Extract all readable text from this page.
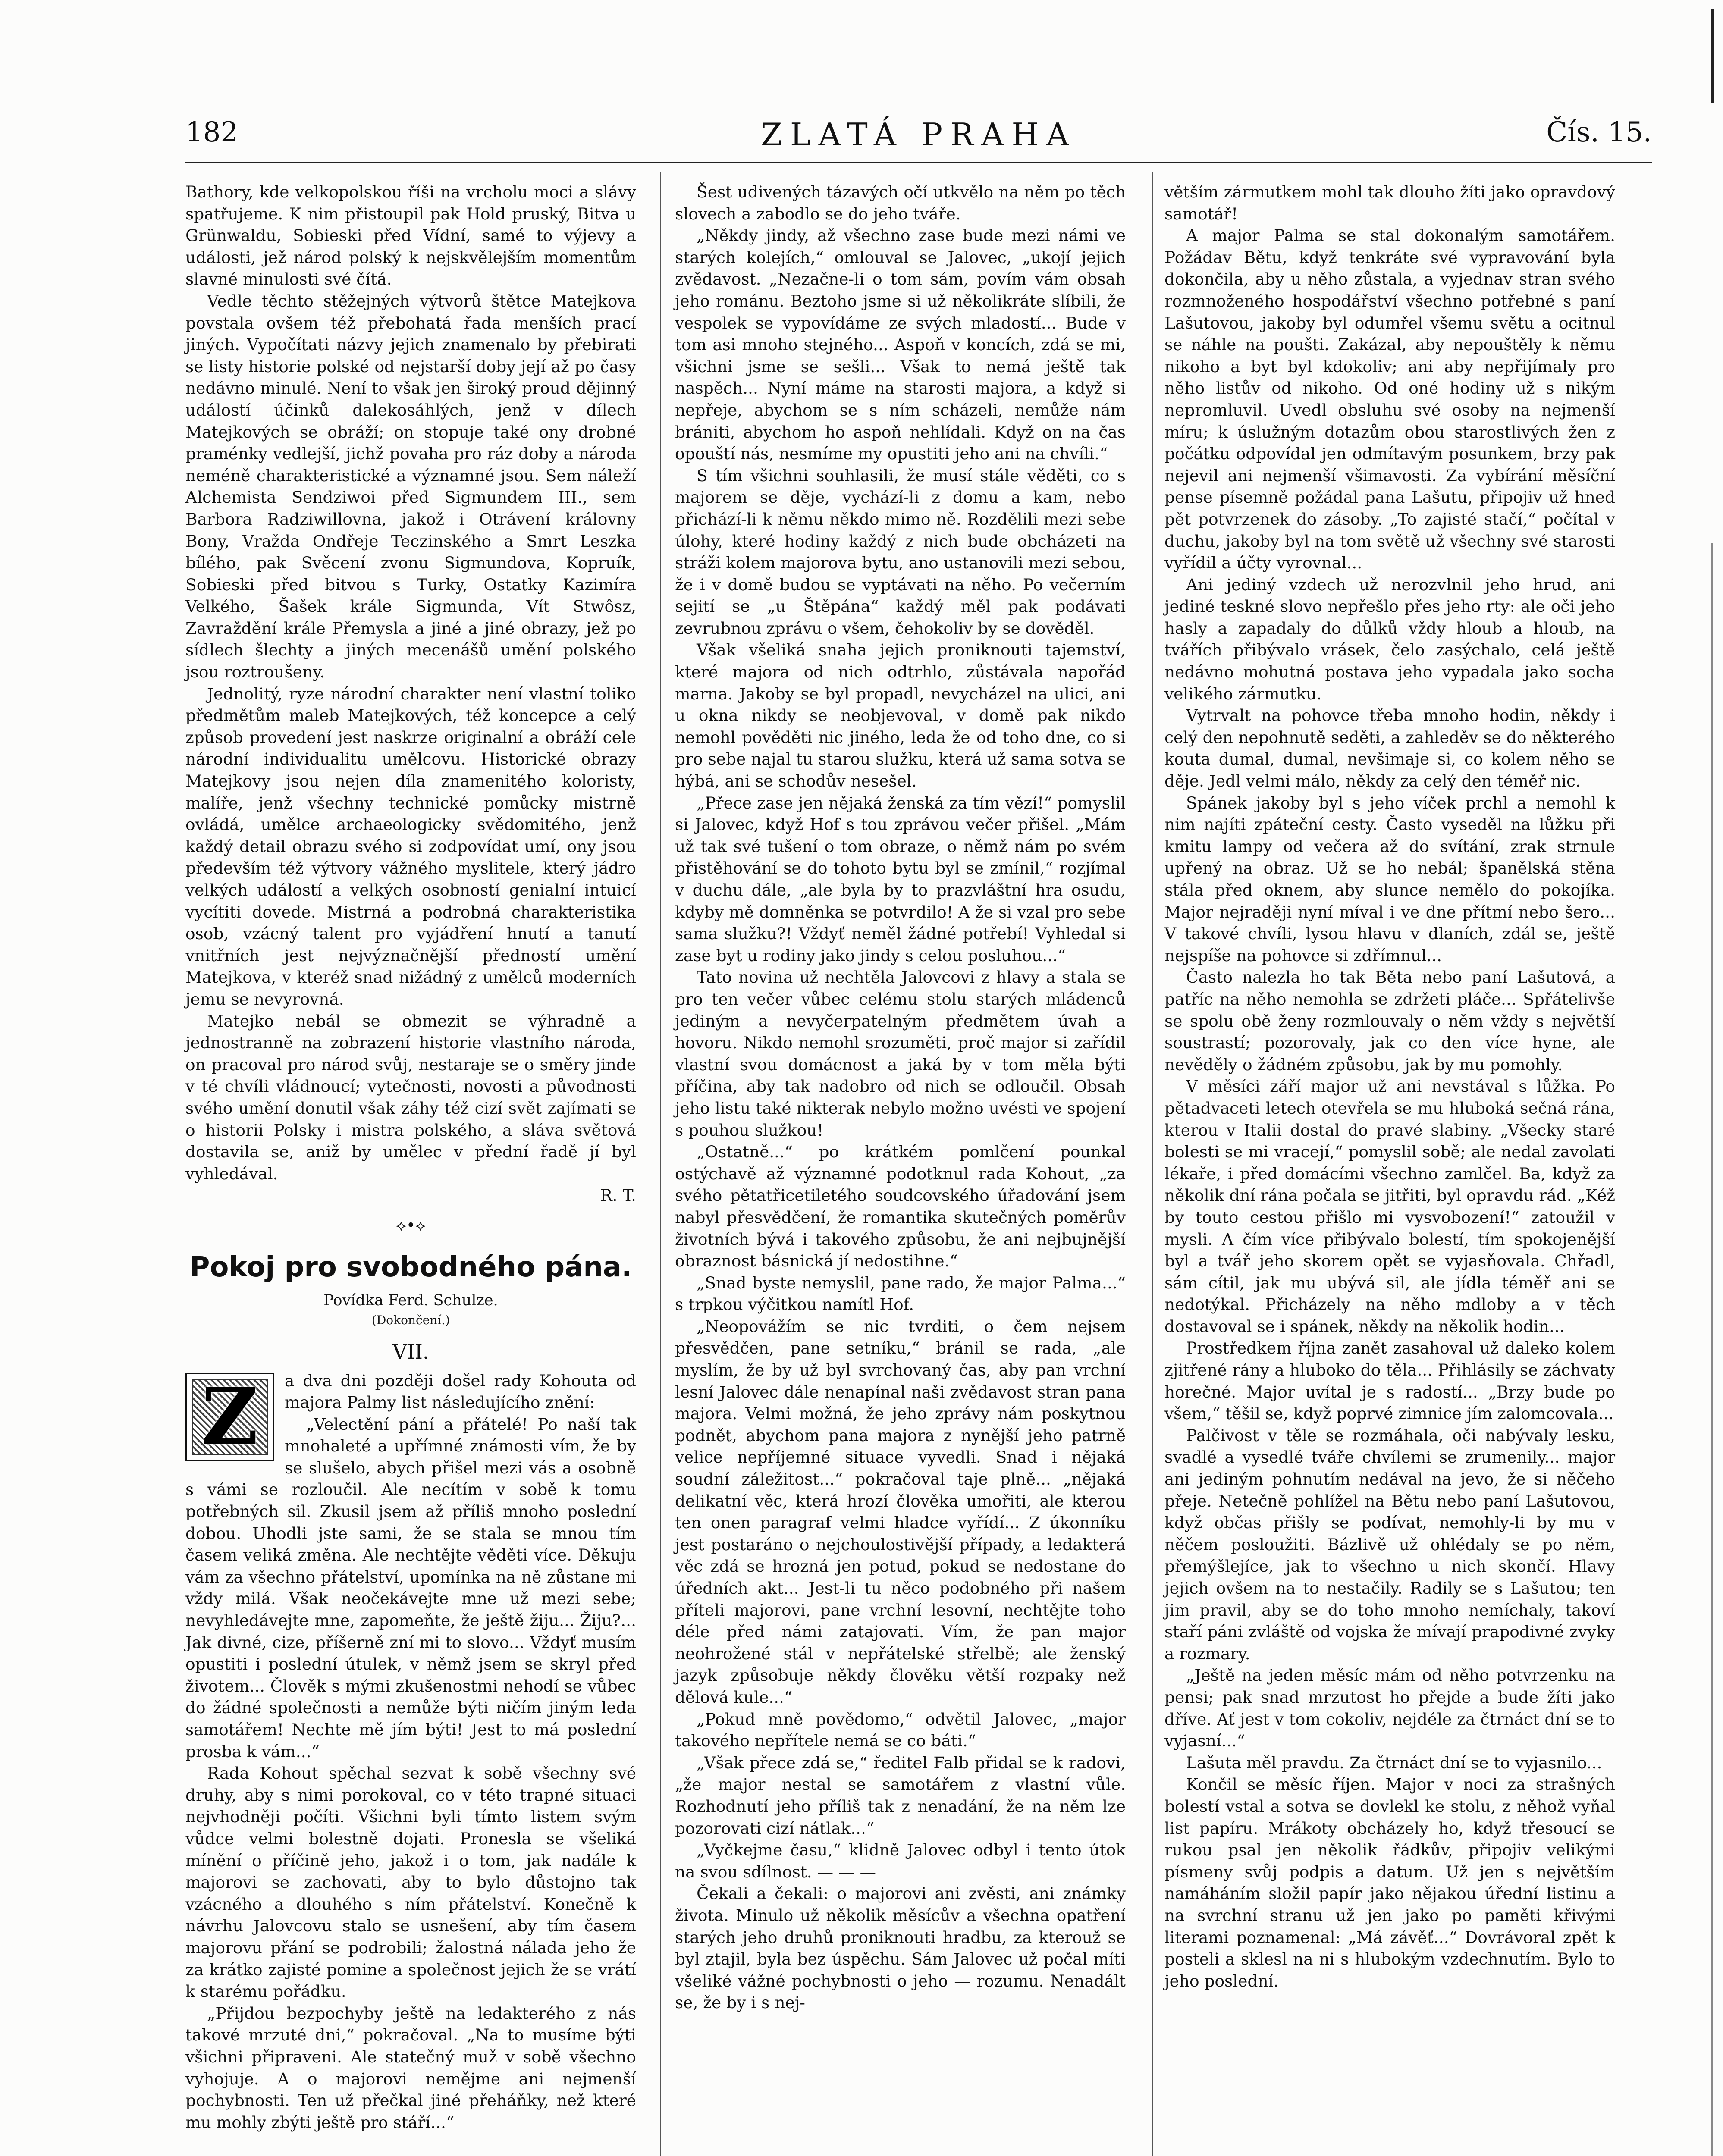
182	ZLATÁ PRAHA	Čís. 15.

Bathory, kde velkopolskou říši na vrcholu moci a slávy spatřujeme. K nim přistoupil pak Hold pruský, Bitva u Grünwaldu, Sobieski před Vídní, samé to výjevy a události, jež národ polský k nejskvělejším momentům slavné minulosti své čítá.

Vedle těchto stěžejných výtvorů štětce Matejkova povstala ovšem též přebohatá řada menších prací jiných. Vypočítati názvy jejich znamenalo by přebirati se listy historie polské od nejstarší doby její až po časy nedávno minulé. Není to však jen široký proud dějinný událostí účinků dalekosáhlých, jenž v dílech Matejkových se obráží; on stopuje také ony drobné praménky vedlejší, jichž povaha pro ráz doby a národa neméně charakteristické a významné jsou. Sem náleží Alchemista Sendziwoi před Sigmundem III., sem Barbora Radziwillovna, jakož i Otrávení královny Bony, Vražda Ondřeje Teczinského a Smrt Leszka bílého, pak Svěcení zvonu Sigmundova, Kopruík, Sobieski před bitvou s Turky, Ostatky Kazimíra Velkého, Šašek krále Sigmunda, Vít Stwôsz, Zavraždění krále Přemysla a jiné a jiné obrazy, jež po sídlech šlechty a jiných mecenášů umění polského jsou roztroušeny.

Jednolitý, ryze národní charakter není vlastní toliko předmětům maleb Matejkových, též koncepce a celý způsob provedení jest naskrze originalní a obráží cele národní individualitu umělcovu. Historické obrazy Matejkovy jsou nejen díla znamenitého koloristy, malíře, jenž všechny technické pomůcky mistrně ovládá, umělce archaeologicky svědomitého, jenž každý detail obrazu svého si zodpovídat umí, ony jsou především též výtvory vážného myslitele, který jádro velkých událostí a velkých osobností genialní intuicí vycítiti dovede. Mistrná a podrobná charakteristika osob, vzácný talent pro vyjádření hnutí a tanutí vnitřních jest nejvýznačnější předností umění Matejkova, v kteréž snad nižádný z umělců moderních jemu se nevyrovná.

Matejko nebál se obmezit se výhradně a jednostranně na zobrazení historie vlastního národa, on pracoval pro národ svůj, nestaraje se o směry jinde v té chvíli vládnoucí; vytečnosti, novosti a původnosti svého umění donutil však záhy též cizí svět zajímati se o historii Polsky i mistra polského, a sláva světová dostavila se, aniž by umělec v přední řadě jí byl vyhledával.

R. T.
⟡•⟡
Pokoj pro svobodného pána.
Povídka Ferd. Schulze.
(Dokončení.)
VII.
Z	a dva dni později došel rady Kohouta od majora Palmy list následujícího znění:

„Velectění pání a přátelé! Po naší tak mnohaleté a upřímné známosti vím, že by se slušelo, abych přišel mezi vás a osobně s vámi se rozloučil. Ale necítím v sobě k tomu potřebných sil. Zkusil jsem až příliš mnoho poslední dobou. Uhodli jste sami, že se stala se mnou tím časem veliká změna. Ale nechtějte věděti více. Děkuju vám za všechno přátelství, upomínka na ně zůstane mi vždy milá. Však neočekávejte mne už mezi sebe; nevyhledávejte mne, zapomeňte, že ještě žiju... Žiju?... Jak divné, cize, příšerně zní mi to slovo... Vždyť musím opustiti i poslední útulek, v němž jsem se skryl před životem... Člověk s mými zkušenostmi nehodí se vůbec do žádné společnosti a nemůže býti ničím jiným leda samotářem! Nechte mě jím býti! Jest to má poslední prosba k vám...“

Rada Kohout spěchal sezvat k sobě všechny své druhy, aby s nimi porokoval, co v této trapné situaci nejvhodněji počíti. Všichni byli tímto listem svým vůdce velmi bolestně dojati. Pronesla se všeliká mínění o příčině jeho, jakož i o tom, jak nadále k majorovi se zachovati, aby to bylo důstojno tak vzácného a dlouhého s ním přátelství. Konečně k návrhu Jalovcovu stalo se usnešení, aby tím časem majorovu přání se podrobili; žalostná nálada jeho že za krátko zajisté pomine a společnost jejich že se vrátí k starému pořádku.

„Přijdou bezpochyby ještě na ledakterého z nás takové mrzuté dni,“ pokračoval. „Na to musíme býti všichni připraveni. Ale statečný muž v sobě všechno vyhojuje. A o majorovi nemějme ani nejmenší pochybnosti. Ten už přečkal jiné přeháňky, než které mu mohly zbýti ještě pro stáří...“

Šest udivených tázavých očí utkvělo na něm po těch slovech a zabodlo se do jeho tváře.

„Někdy jindy, až všechno zase bude mezi námi ve starých kolejích,“ omlouval se Jalovec, „ukojí jejich zvědavost. „Nezačne-li o tom sám, povím vám obsah jeho románu. Beztoho jsme si už několikráte slíbili, že vespolek se vypovídáme ze svých mladostí... Bude v tom asi mnoho stejného... Aspoň v koncích, zdá se mi, všichni jsme se sešli... Však to nemá ještě tak naspěch... Nyní máme na starosti majora, a když si nepřeje, abychom se s ním scházeli, nemůže nám brániti, abychom ho aspoň nehlídali. Když on na čas opouští nás, nesmíme my opustiti jeho ani na chvíli.“

S tím všichni souhlasili, že musí stále věděti, co s majorem se děje, vychází-li z domu a kam, nebo přichází-li k němu někdo mimo ně. Rozdělili mezi sebe úlohy, které hodiny každý z nich bude obcházeti na stráži kolem majorova bytu, ano ustanovili mezi sebou, že i v domě budou se vyptávati na něho. Po večerním sejití se „u Štěpána“ každý měl pak podávati zevrubnou zprávu o všem, čehokoliv by se dověděl.

Však všeliká snaha jejich proniknouti tajemství, které majora od nich odtrhlo, zůstávala napořád marna. Jakoby se byl propadl, nevycházel na ulici, ani u okna nikdy se neobjevoval, v domě pak nikdo nemohl pověděti nic jiného, leda že od toho dne, co si pro sebe najal tu starou služku, která už sama sotva se hýbá, ani se schodův nesešel.

„Přece zase jen nějaká ženská za tím vězí!“ pomyslil si Jalovec, když Hof s tou zprávou večer přišel. „Mám už tak své tušení o tom obraze, o němž nám po svém přistěhování se do tohoto bytu byl se zmínil,“ rozjímal v duchu dále, „ale byla by to prazvláštní hra osudu, kdyby mě domněnka se potvrdilo! A že si vzal pro sebe sama služku?! Vždyť neměl žádné potřebí! Vyhledal si zase byt u rodiny jako jindy s celou posluhou...“

Tato novina už nechtěla Jalovcovi z hlavy a stala se pro ten večer vůbec celému stolu starých mládenců jediným a nevyčerpatelným předmětem úvah a hovoru. Nikdo nemohl srozuměti, proč major si zařídil vlastní svou domácnost a jaká by v tom měla býti příčina, aby tak nadobro od nich se odloučil. Obsah jeho listu také nikterak nebylo možno uvésti ve spojení s pouhou služkou!

„Ostatně...“ po krátkém pomlčení pounkal ostýchavě až významné podotknul rada Kohout, „za svého pětatřicetiletého soudcovského úřadování jsem nabyl přesvědčení, že romantika skutečných poměrův životních bývá i takového způsobu, že ani nejbujnější obraznost básnická jí nedostihne.“

„Snad byste nemyslil, pane rado, že major Palma...“ s trpkou výčitkou namítl Hof.

„Neopovážím se nic tvrditi, o čem nejsem přesvědčen, pane setníku,“ bránil se rada, „ale myslím, že by už byl svrchovaný čas, aby pan vrchní lesní Jalovec dále nenapínal naši zvědavost stran pana majora. Velmi možná, že jeho zprávy nám poskytnou podnět, abychom pana majora z nynější jeho patrně velice nepříjemné situace vyvedli. Snad i nějaká soudní záležitost...“ pokračoval taje plně... „nějaká delikatní věc, která hrozí člověka umořiti, ale kterou ten onen paragraf velmi hladce vyřídí... Z úkonníku jest postaráno o nejchoulostivější případy, a ledakterá věc zdá se hrozná jen potud, pokud se nedostane do úředních akt... Jest-li tu něco podobného při našem příteli majorovi, pane vrchní lesovní, nechtějte toho déle před námi zatajovati. Vím, že pan major neohrožené stál v nepřátelské střelbě; ale ženský jazyk způsobuje někdy člověku větší rozpaky než dělová kule...“

„Pokud mně povědomo,“ odvětil Jalovec, „major takového nepřítele nemá se co báti.“

„Však přece zdá se,“ ředitel Falb přidal se k radovi, „že major nestal se samotářem z vlastní vůle. Rozhodnutí jeho příliš tak z nenadání, že na něm lze pozorovati cizí nátlak...“

„Vyčkejme času,“ klidně Jalovec odbyl i tento útok na svou sdílnost. — — —

Čekali a čekali: o majorovi ani zvěsti, ani známky života. Minulo už několik měsícův a všechna opatření starých jeho druhů proniknouti hradbu, za kterouž se byl ztajil, byla bez úspěchu. Sám Jalovec už počal míti všeliké vážné pochybnosti o jeho — rozumu. Nenadált se, že by i s nej-

větším zármutkem mohl tak dlouho žíti jako opravdový samotář!

A major Palma se stal dokonalým samotářem. Požádav Bětu, když tenkráte své vypravování byla dokončila, aby u něho zůstala, a vyjednav stran svého rozmnoženého hospodářství všechno potřebné s paní Lašutovou, jakoby byl odumřel všemu světu a ocitnul se náhle na poušti. Zakázal, aby nepouštěly k němu nikoho a byt byl kdokoliv; ani aby nepřijímaly pro něho listův od nikoho. Od oné hodiny už s nikým nepromluvil. Uvedl obsluhu své osoby na nejmenší míru; k úslužným dotazům obou starostlivých žen z počátku odpovídal jen odmítavým posunkem, brzy pak nejevil ani nejmenší všimavosti. Za vybírání měsíční pense písemně požádal pana Lašutu, připojiv už hned pět potvrzenek do zásoby. „To zajisté stačí,“ počítal v duchu, jakoby byl na tom světě už všechny své starosti vyřídil a účty vyrovnal...

Ani jediný vzdech už nerozvlnil jeho hrud, ani jediné teskné slovo nepřešlo přes jeho rty: ale oči jeho hasly a zapadaly do důlků vždy hloub a hloub, na tvářích přibývalo vrásek, čelo zasýchalo, celá ještě nedávno mohutná postava jeho vypadala jako socha velikého zármutku.

Vytrvalt na pohovce třeba mnoho hodin, někdy i celý den nepohnutě seděti, a zahleděv se do některého kouta dumal, dumal, nevšimaje si, co kolem něho se děje. Jedl velmi málo, někdy za celý den téměř nic.

Spánek jakoby byl s jeho víček prchl a nemohl k nim najíti zpáteční cesty. Často vyseděl na lůžku při kmitu lampy od večera až do svítání, zrak strnule upřený na obraz. Už se ho nebál; španělská stěna stála před oknem, aby slunce nemělo do pokojíka. Major nejraději nyní míval i ve dne přítmí nebo šero... V takové chvíli, lysou hlavu v dlaních, zdál se, ještě nejspíše na pohovce si zdřímnul...

Často nalezla ho tak Běta nebo paní Lašutová, a patříc na něho nemohla se zdržeti pláče... Spřátelivše se spolu obě ženy rozmlouvaly o něm vždy s největší soustrastí; pozorovaly, jak co den více hyne, ale nevěděly o žádném způsobu, jak by mu pomohly.

V měsíci září major už ani nevstával s lůžka. Po pětadvaceti letech otevřela se mu hluboká sečná rána, kterou v Italii dostal do pravé slabiny. „Všecky staré bolesti se mi vracejí,“ pomyslil sobě; ale nedal zavolati lékaře, i před domácími všechno zamlčel. Ba, když za několik dní rána počala se jitřiti, byl opravdu rád. „Kéž by touto cestou přišlo mi vysvobození!“ zatoužil v mysli. A čím více přibývalo bolestí, tím spokojenější byl a tvář jeho skorem opět se vyjasňovala. Chřadl, sám cítil, jak mu ubývá sil, ale jídla téměř ani se nedotýkal. Přicházely na něho mdloby a v těch dostavoval se i spánek, někdy na několik hodin...

Prostředkem října zanět zasahoval už daleko kolem zjitřené rány a hluboko do těla... Přihlásily se záchvaty horečné. Major uvítal je s radostí... „Brzy bude po všem,“ těšil se, když poprvé zimnice jím zalomcovala...

Palčivost v těle se rozmáhala, oči nabývaly lesku, svadlé a vysedlé tváře chvílemi se zrumenily... major ani jediným pohnutím nedával na jevo, že si něčeho přeje. Netečně pohlížel na Bětu nebo paní Lašutovou, když občas přišly se podívat, nemohly-li by mu v něčem posloužiti. Bázlivě už ohlédaly se po něm, přemýšlejíce, jak to všechno u nich skončí. Hlavy jejich ovšem na to nestačily. Radily se s Lašutou; ten jim pravil, aby se do toho mnoho nemíchaly, takoví staří páni zvláště od vojska že mívají prapodivné zvyky a rozmary.

„Ještě na jeden měsíc mám od něho potvrzenku na pensi; pak snad mrzutost ho přejde a bude žíti jako dříve. Ať jest v tom cokoliv, nejdéle za čtrnáct dní se to vyjasní...“

Lašuta měl pravdu. Za čtrnáct dní se to vyjasnilo...

Končil se měsíc říjen. Major v noci za strašných bolestí vstal a sotva se dovlekl ke stolu, z něhož vyňal list papíru. Mrákoty obcházely ho, když třesoucí se rukou psal jen několik řádkův, připojiv velikými písmeny svůj podpis a datum. Už jen s největším namáháním složil papír jako nějakou úřední listinu a na svrchní stranu už jen jako po paměti křivými literami poznamenal: „Má závěť...“ Dovrávoral zpět k posteli a sklesl na ni s hlubokým vzdechnutím. Bylo to jeho poslední.
